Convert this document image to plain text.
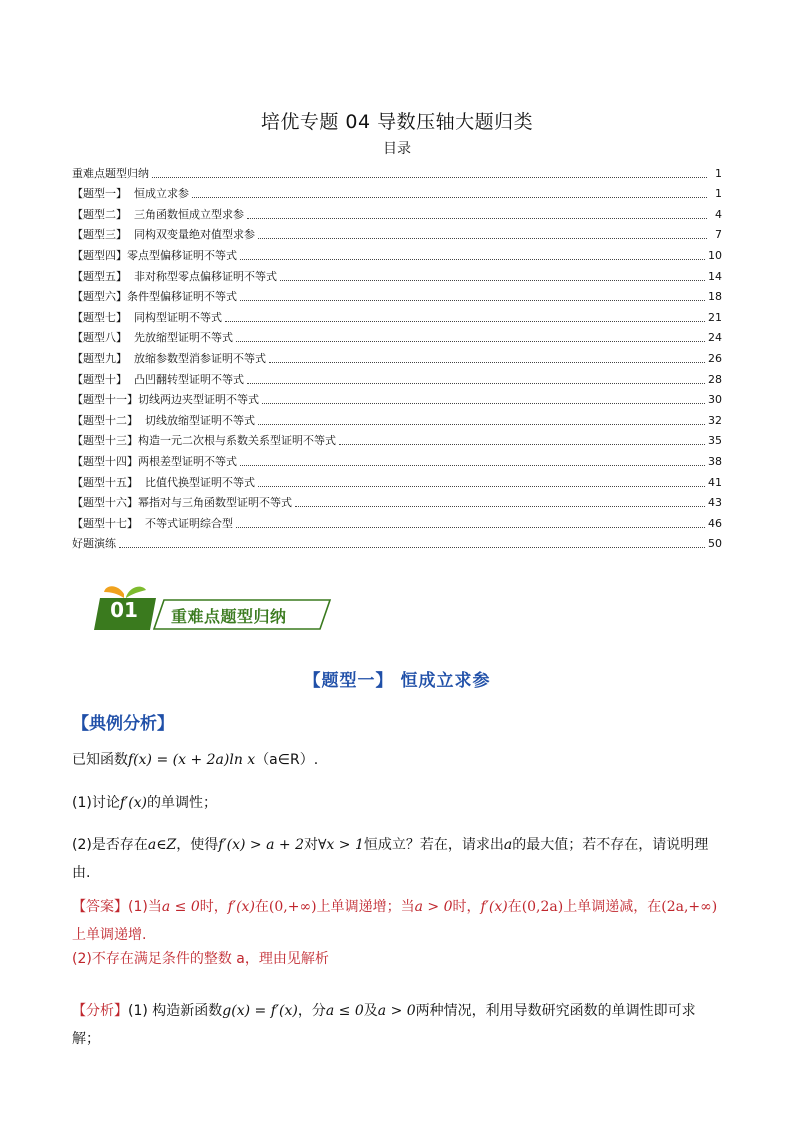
培优专题 04 导数压轴大题归类
目录
重难点题型归纳	1
【题型一】  恒成立求参	1
【题型二】  三角函数恒成立型求参	4
【题型三】  同构双变量绝对值型求参	7
【题型四】零点型偏移证明不等式	10
【题型五】  非对称型零点偏移证明不等式	14
【题型六】条件型偏移证明不等式	18
【题型七】  同构型证明不等式	21
【题型八】  先放缩型证明不等式	24
【题型九】  放缩参数型消参证明不等式	26
【题型十】  凸凹翻转型证明不等式	28
【题型十一】切线两边夹型证明不等式	30
【题型十二】  切线放缩型证明不等式	32
【题型十三】构造一元二次根与系数关系型证明不等式	35
【题型十四】两根差型证明不等式	38
【题型十五】  比值代换型证明不等式	41
【题型十六】幂指对与三角函数型证明不等式	43
【题型十七】  不等式证明综合型	46
好题演练	50
01 重难点题型归纳
【题型一】 恒成立求参
【典例分析】
已知函数f(x) = (x + 2a)ln x（a∈R）.
(1)讨论f′(x)的单调性；
(2)是否存在a∈Z，使得f′(x) > a + 2对∀x > 1恒成立？若在，请求出a的最大值；若不存在，请说明理由.
【答案】(1)当a ≤ 0时，f′(x)在(0,+∞)上单调递增；当a > 0时，f′(x)在(0,2a)上单调递减，在(2a,+∞)上单调递增.
(2)不存在满足条件的整数 a，理由见解析
【分析】(1) 构造新函数g(x) = f′(x)，分a ≤ 0及a > 0两种情况，利用导数研究函数的单调性即可求解；
